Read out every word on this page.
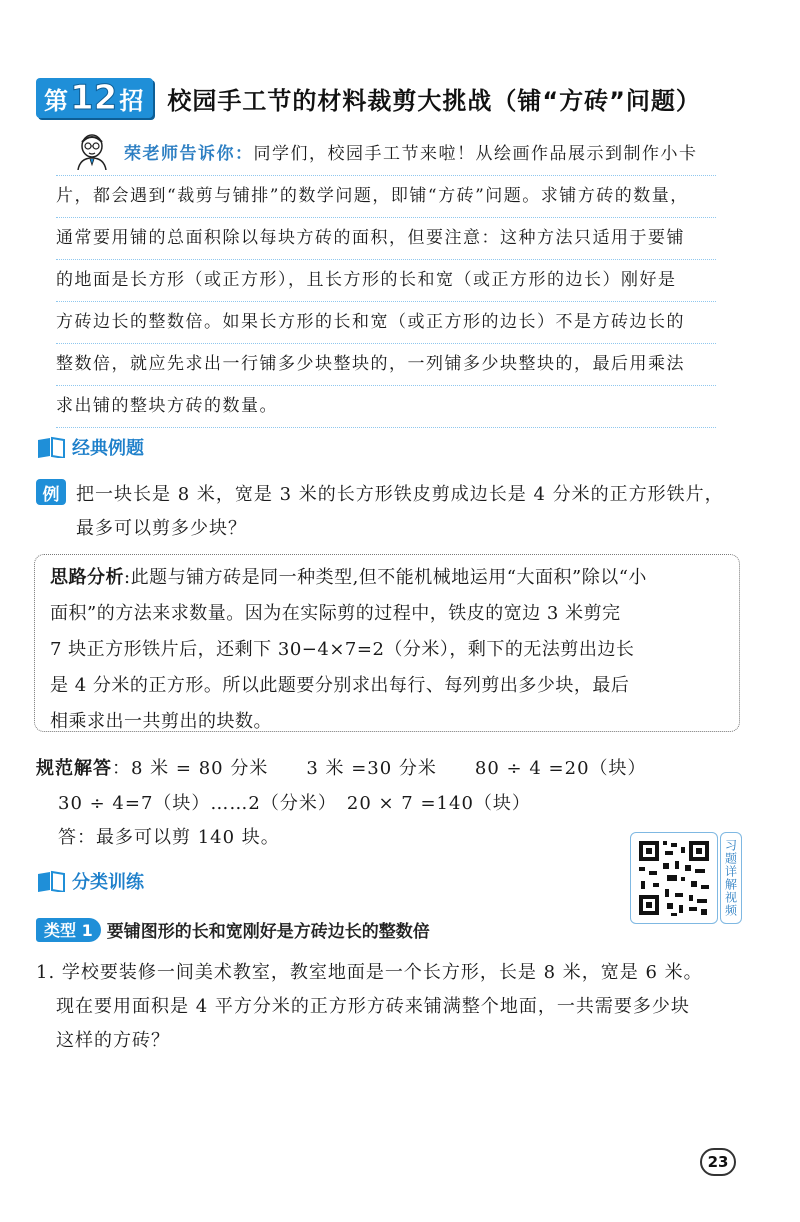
第 12 招 校园手工节的材料裁剪大挑战（铺“方砖”问题）
荣老师告诉你：同学们，校园手工节来啦！从绘画作品展示到制作小卡
片，都会遇到“裁剪与铺排”的数学问题，即铺“方砖”问题。求铺方砖的数量，
通常要用铺的总面积除以每块方砖的面积，但要注意：这种方法只适用于要铺
的地面是长方形（或正方形），且长方形的长和宽（或正方形的边长）刚好是
方砖边长的整数倍。如果长方形的长和宽（或正方形的边长）不是方砖边长的
整数倍，就应先求出一行铺多少块整块的，一列铺多少块整块的，最后用乘法
求出铺的整块方砖的数量。
经典例题
例 把一块长是 8 米，宽是 3 米的长方形铁皮剪成边长是 4 分米的正方形铁片，
最多可以剪多少块？
思路分析:此题与铺方砖是同一种类型,但不能机械地运用“大面积”除以“小
面积”的方法来求数量。因为在实际剪的过程中，铁皮的宽边 3 米剪完
7 块正方形铁片后，还剩下 30−4×7=2（分米），剩下的无法剪出边长
是 4 分米的正方形。所以此题要分别求出每行、每列剪出多少块，最后
相乘求出一共剪出的块数。
规范解答：8 米 = 80 分米　　3 米 =30 分米　　80 ÷ 4 =20（块）
30 ÷ 4=7（块）……2（分米）　20 × 7 =140（块）
答：最多可以剪 140 块。
习题详解视频
分类训练
类型 1 要铺图形的长和宽刚好是方砖边长的整数倍
1. 学校要装修一间美术教室，教室地面是一个长方形，长是 8 米，宽是 6 米。
现在要用面积是 4 平方分米的正方形方砖来铺满整个地面，一共需要多少块
这样的方砖？
23
